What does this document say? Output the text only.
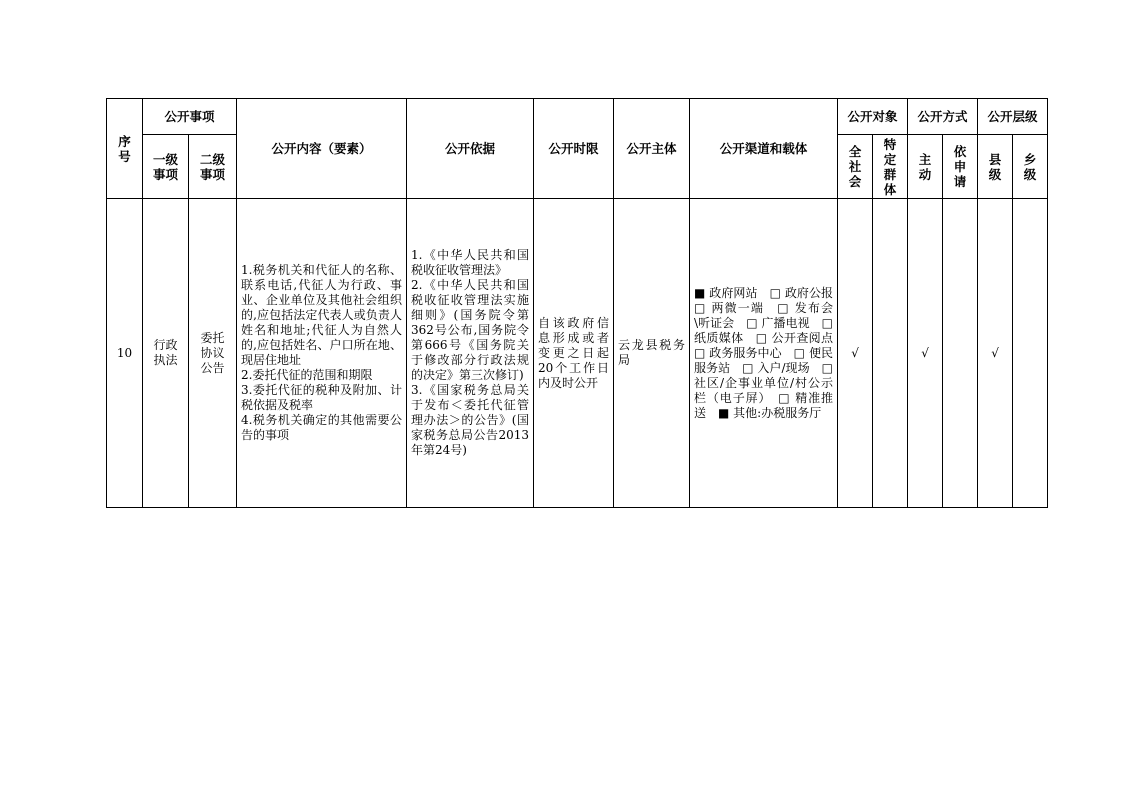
序号	公开事项		公开内容（要素）	公开依据	公开时限	公开主体	公开渠道和载体	公开对象		公开方式		公开层级	
	一级事项	二级事项						全社会	特定群体	主动	依申请	县级	乡级
10	行政执法	委托协议公告	1.税务机关和代征人的名称、联系电话,代征人为行政、事业、企业单位及其他社会组织的,应包括法定代表人或负责人姓名和地址;代征人为自然人的,应包括姓名、户口所在地、现居住地址
2.委托代征的范围和期限
3.委托代征的税种及附加、计税依据及税率
4.税务机关确定的其他需要公告的事项	1.《中华人民共和国税收征收管理法》
2.《中华人民共和国税收征收管理法实施细则》(国务院令第362号公布,国务院令第666号《国务院关于修改部分行政法规的决定》第三次修订)
3.《国家税务总局关于发布＜委托代征管理办法＞的公告》(国家税务总局公告2013年第24号)	自该政府信息形成或者变更之日起20个工作日内及时公开	云龙县税务局	■ 政府网站　□ 政府公报　□ 两微一端　□ 发布会\听证会　□ 广播电视　□ 纸质媒体　□ 公开查阅点　□ 政务服务中心　□ 便民服务站　□ 入户/现场　□ 社区/企事业单位/村公示栏（电子屏）　□ 精准推送　■ 其他:办税服务厅	√		√		√	
